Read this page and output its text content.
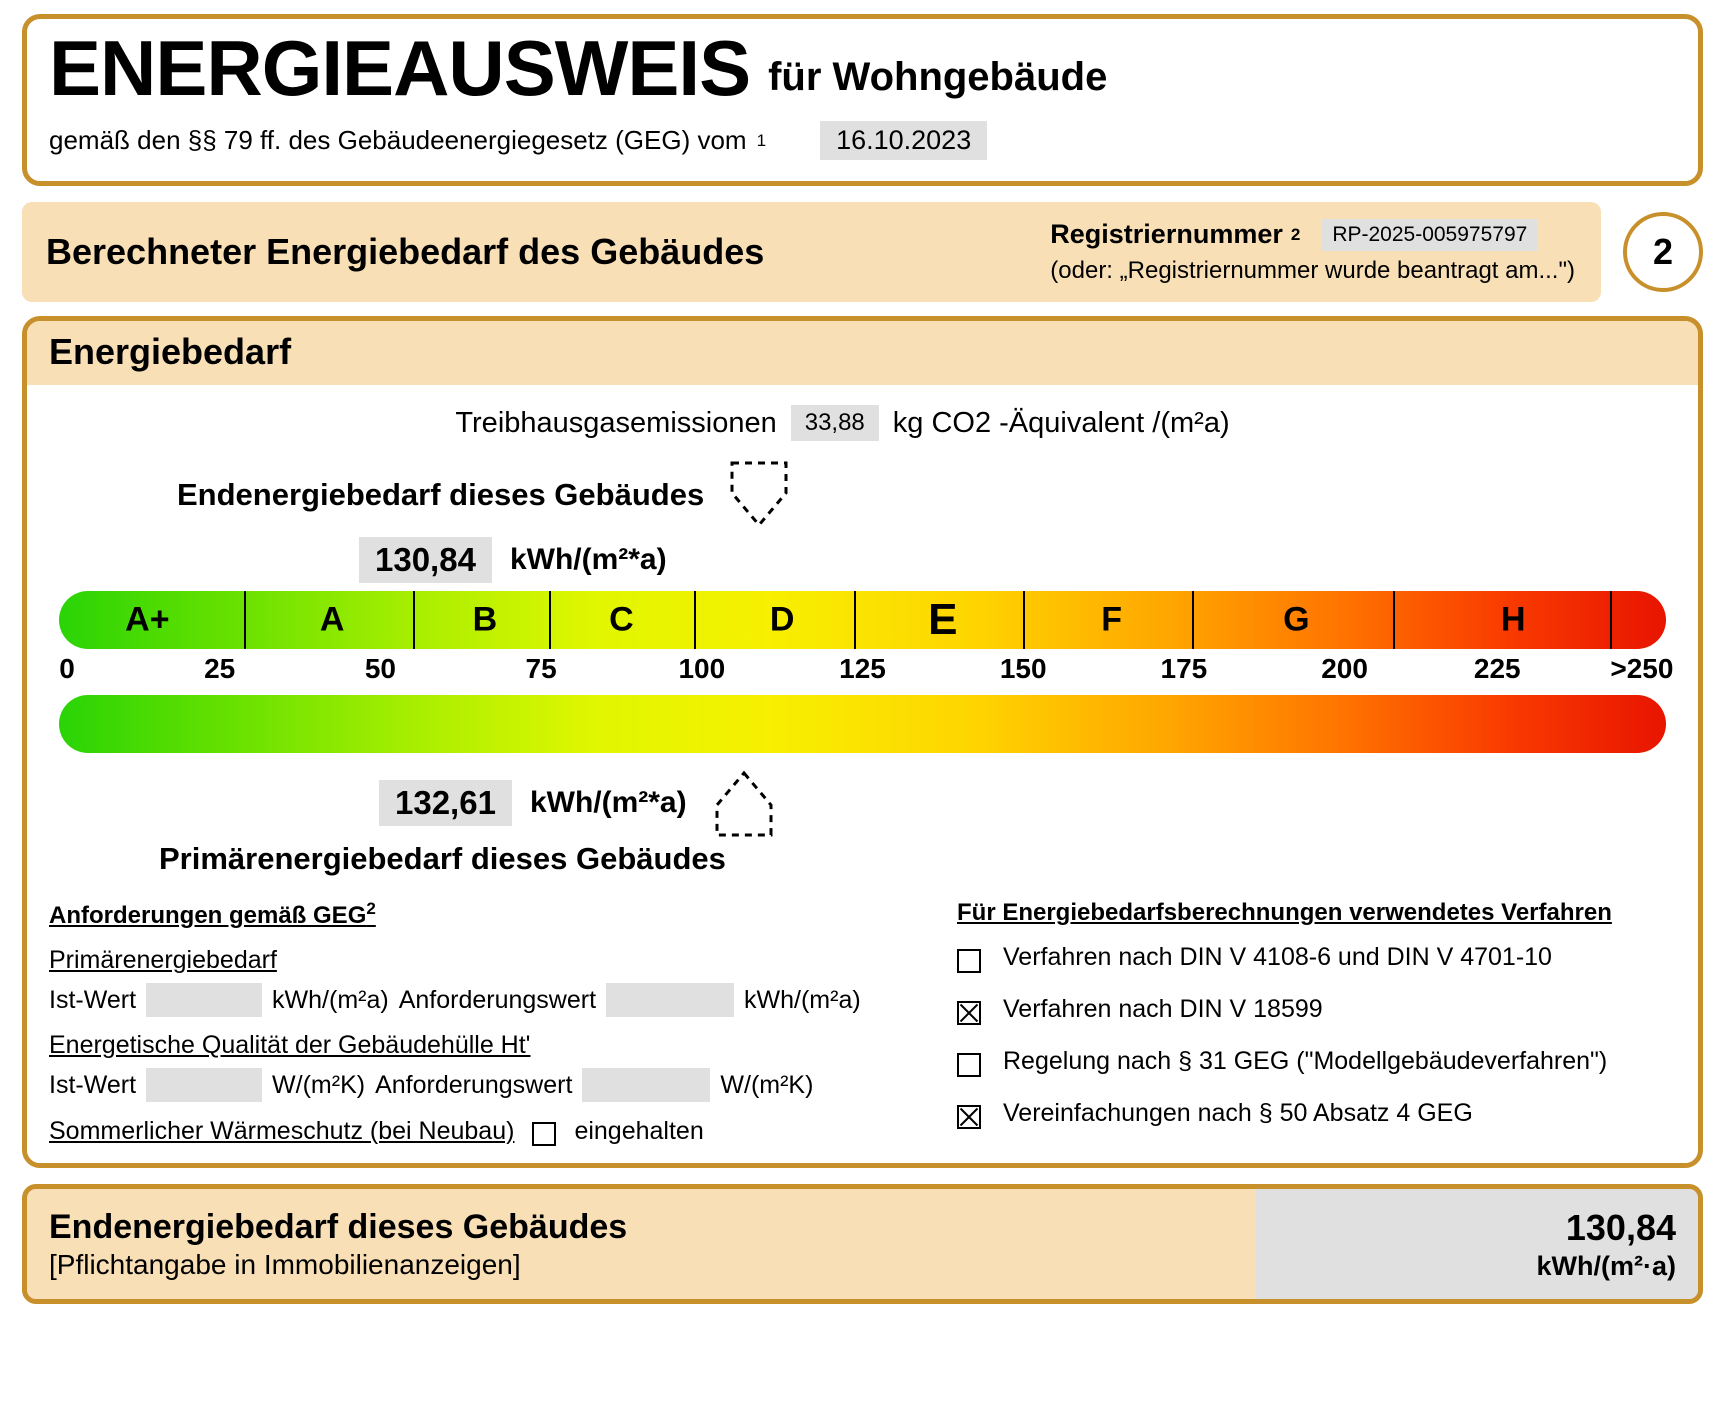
ENERGIEAUSWEIS für Wohngebäude
gemäß den §§ 79 ff. des Gebäudeenergiegesetz (GEG) vom 1	16.10.2023
Berechneter Energiebedarf des Gebäudes	Registriernummer 2	RP-2025-005975797
(oder: „Registriernummer wurde beantragt am...")	2
Energiebedarf
Treibhausgasemissionen	33,88 kg CO2 -Äquivalent /(m²a)
Endenergiebedarf dieses Gebäudes
130,84	kWh/(m²*a)
A+	A	B	C	D	E	F	G	H
0	25	50	75	100	125	150	175	200	225	>250
132,61	kWh/(m²*a)
Primärenergiebedarf dieses Gebäudes
Anforderungen gemäß GEG$^2$
Primärenergiebedarf
Ist-Wert	kWh/(m²a) Anforderungswert	kWh/(m²a)
Energetische Qualität der Gebäudehülle Ht'
Ist-Wert	W/(m²K) Anforderungswert	W/(m²K)
Sommerlicher Wärmeschutz (bei Neubau) eingehalten
Für Energiebedarfsberechnungen verwendetes Verfahren
Verfahren nach DIN V 4108-6 und DIN V 4701-10
Verfahren nach DIN V 18599
Regelung nach § 31 GEG ("Modellgebäudeverfahren")
Vereinfachungen nach § 50 Absatz 4 GEG
Endenergiebedarf dieses Gebäudes
[Pflichtangabe in Immobilienanzeigen]
130,84
kWh/(m²·a)
